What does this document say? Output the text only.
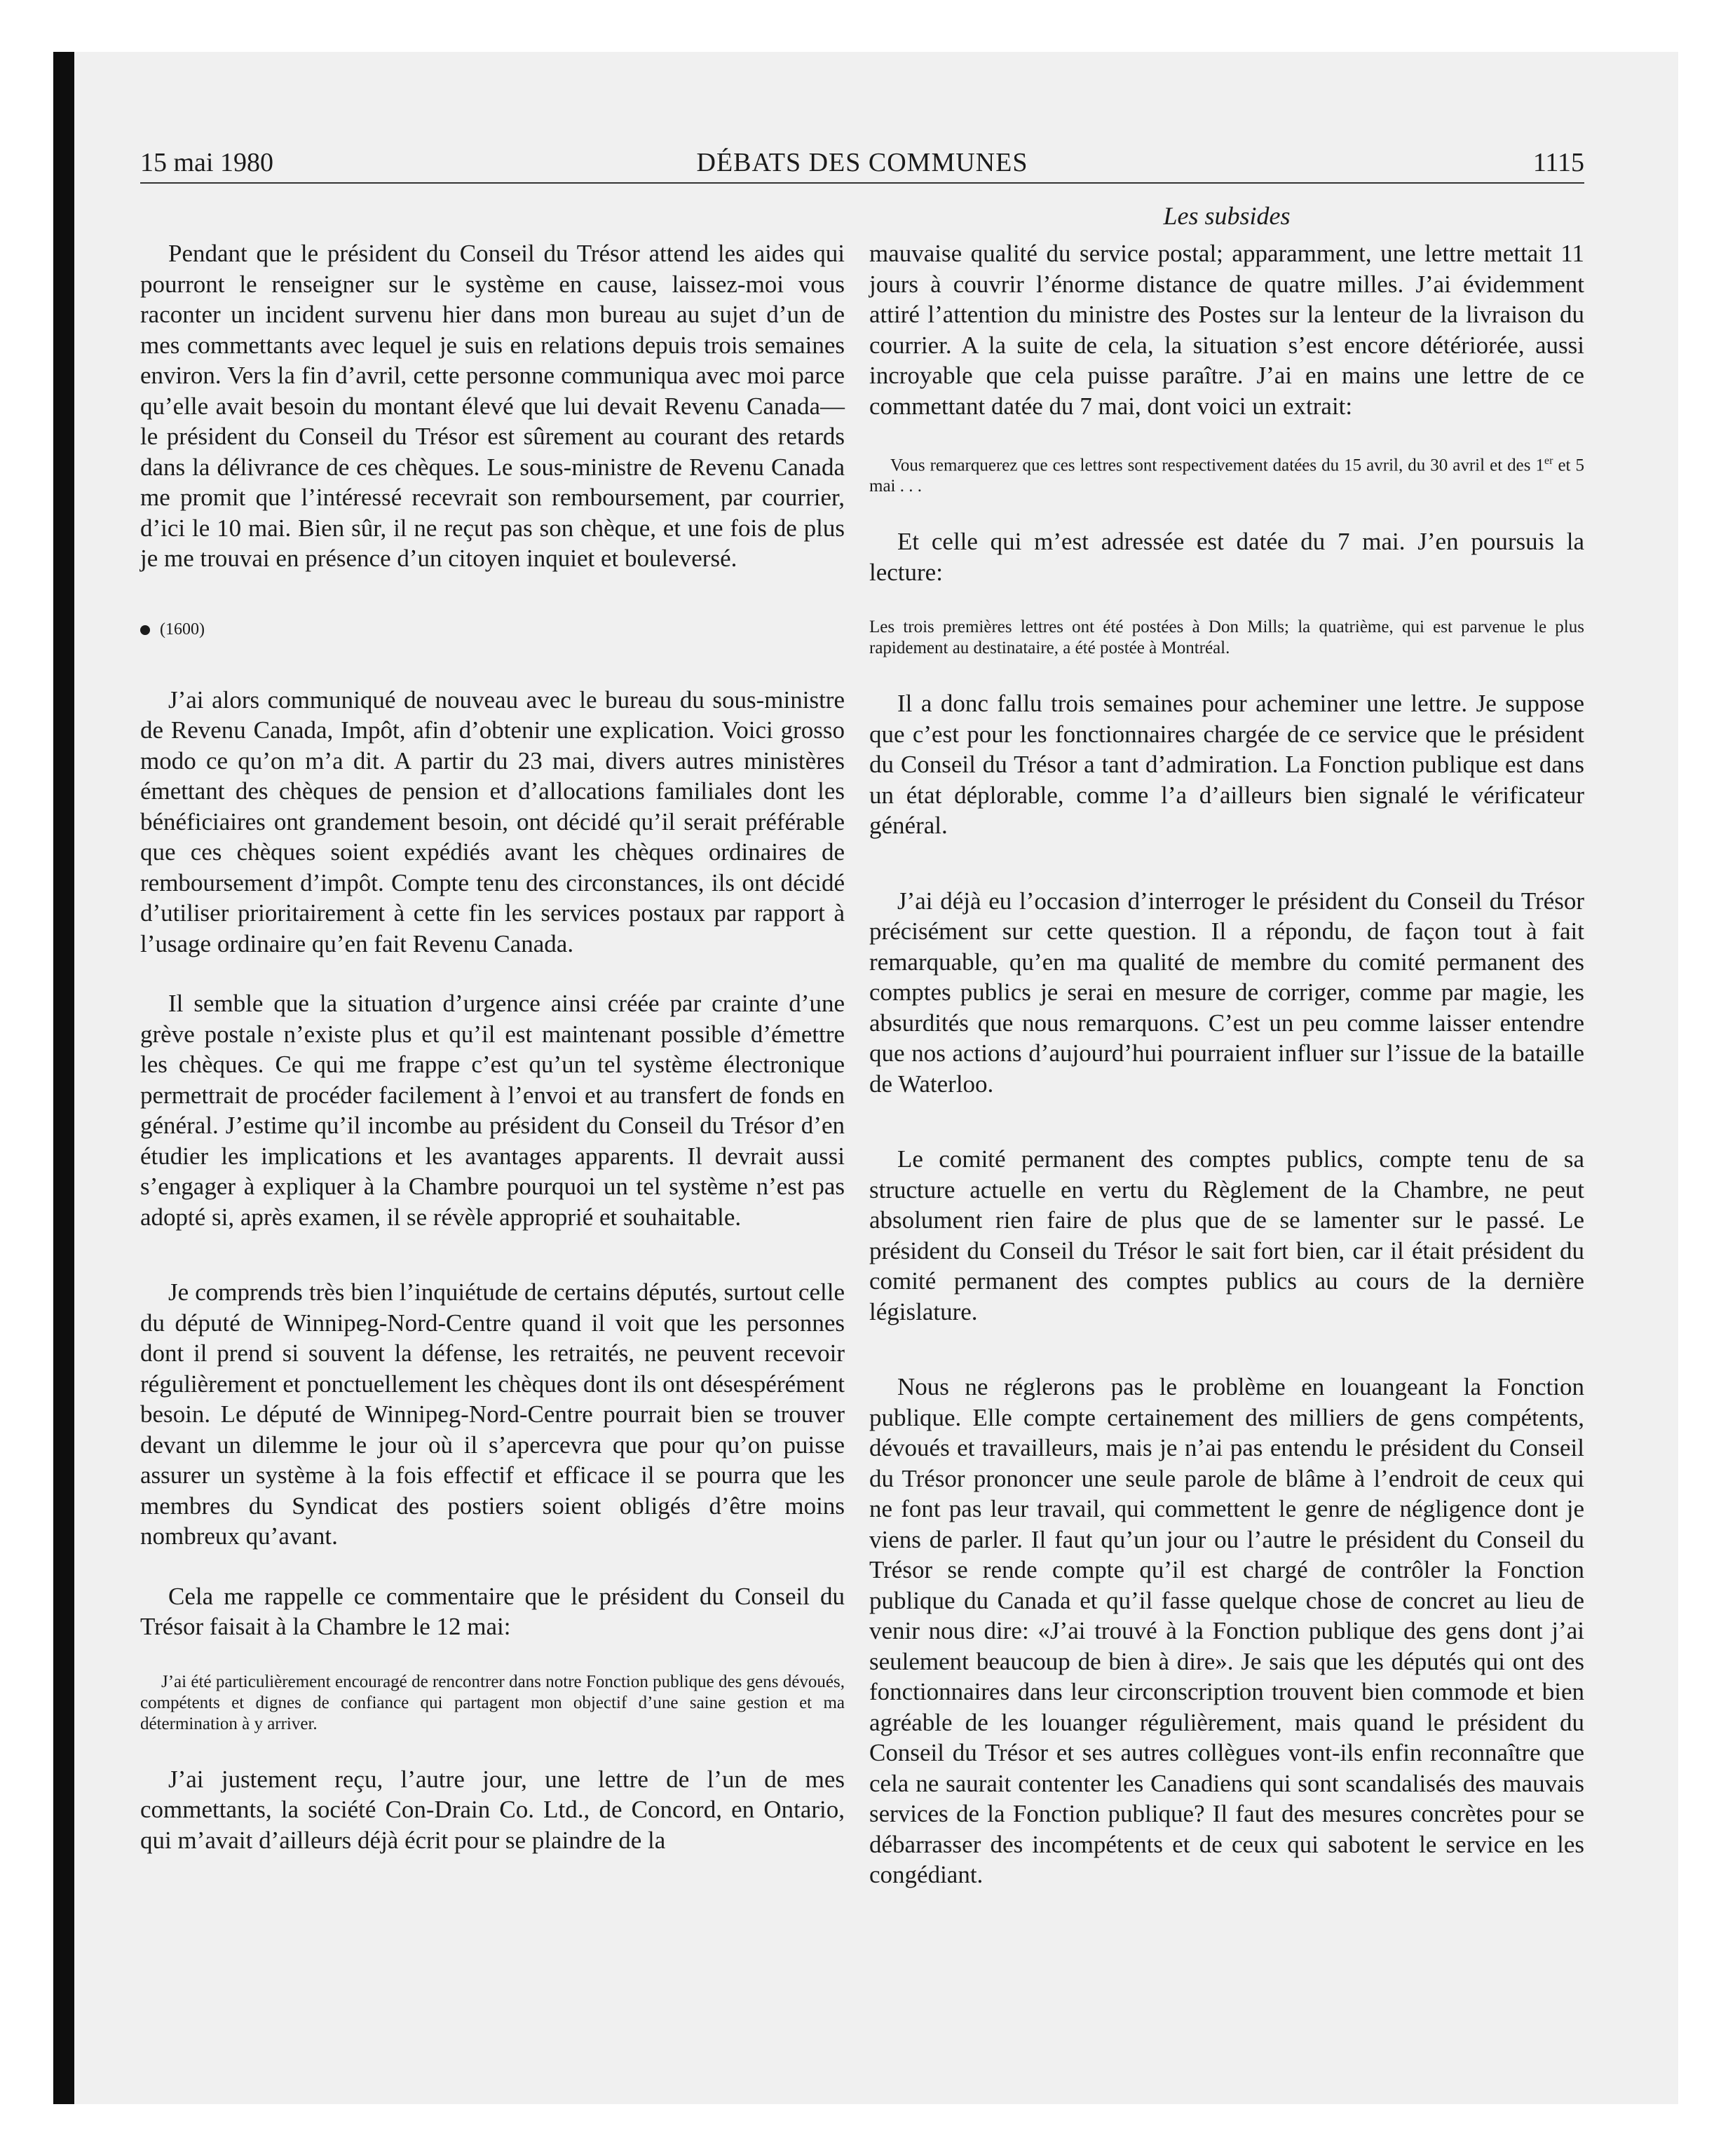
15 mai 1980	DÉBATS DES COMMUNES	1115
Les subsides

Pendant que le président du Conseil du Trésor attend les aides qui pourront le renseigner sur le système en cause, laissez-moi vous raconter un incident survenu hier dans mon bureau au sujet d’un de mes commettants avec lequel je suis en relations depuis trois semaines environ. Vers la fin d’avril, cette personne communiqua avec moi parce qu’elle avait besoin du montant élevé que lui devait Revenu Canada—le président du Conseil du Trésor est sûrement au courant des retards dans la délivrance de ces chèques. Le sous-ministre de Revenu Canada me promit que l’intéressé recevrait son remboursement, par courrier, d’ici le 10 mai. Bien sûr, il ne reçut pas son chèque, et une fois de plus je me trouvai en présence d’un citoyen inquiet et bouleversé.

(1600)

J’ai alors communiqué de nouveau avec le bureau du sous-ministre de Revenu Canada, Impôt, afin d’obtenir une explication. Voici grosso modo ce qu’on m’a dit. A partir du 23 mai, divers autres ministères émettant des chèques de pension et d’allocations familiales dont les bénéficiaires ont grandement besoin, ont décidé qu’il serait préférable que ces chèques soient expédiés avant les chèques ordinaires de remboursement d’impôt. Compte tenu des circonstances, ils ont décidé d’utiliser prioritairement à cette fin les services postaux par rapport à l’usage ordinaire qu’en fait Revenu Canada.

Il semble que la situation d’urgence ainsi créée par crainte d’une grève postale n’existe plus et qu’il est maintenant possible d’émettre les chèques. Ce qui me frappe c’est qu’un tel système électronique permettrait de procéder facilement à l’envoi et au transfert de fonds en général. J’estime qu’il incombe au président du Conseil du Trésor d’en étudier les implications et les avantages apparents. Il devrait aussi s’engager à expliquer à la Chambre pourquoi un tel système n’est pas adopté si, après examen, il se révèle approprié et souhaitable.

Je comprends très bien l’inquiétude de certains députés, surtout celle du député de Winnipeg-Nord-Centre quand il voit que les personnes dont il prend si souvent la défense, les retraités, ne peuvent recevoir régulièrement et ponctuellement les chèques dont ils ont désespérément besoin. Le député de Winnipeg-Nord-Centre pourrait bien se trouver devant un dilemme le jour où il s’apercevra que pour qu’on puisse assurer un système à la fois effectif et efficace il se pourra que les membres du Syndicat des postiers soient obligés d’être moins nombreux qu’avant.

Cela me rappelle ce commentaire que le président du Conseil du Trésor faisait à la Chambre le 12 mai:

J’ai été particulièrement encouragé de rencontrer dans notre Fonction publique des gens dévoués, compétents et dignes de confiance qui partagent mon objectif d’une saine gestion et ma détermination à y arriver.

J’ai justement reçu, l’autre jour, une lettre de l’un de mes commettants, la société Con-Drain Co. Ltd., de Concord, en Ontario, qui m’avait d’ailleurs déjà écrit pour se plaindre de la

mauvaise qualité du service postal; apparamment, une lettre mettait 11 jours à couvrir l’énorme distance de quatre milles. J’ai évidemment attiré l’attention du ministre des Postes sur la lenteur de la livraison du courrier. A la suite de cela, la situation s’est encore détériorée, aussi incroyable que cela puisse paraître. J’ai en mains une lettre de ce commettant datée du 7 mai, dont voici un extrait:

Vous remarquerez que ces lettres sont respectivement datées du 15 avril, du 30 avril et des 1er et 5 mai . . .

Et celle qui m’est adressée est datée du 7 mai. J’en poursuis la lecture:

Les trois premières lettres ont été postées à Don Mills; la quatrième, qui est parvenue le plus rapidement au destinataire, a été postée à Montréal.

Il a donc fallu trois semaines pour acheminer une lettre. Je suppose que c’est pour les fonctionnaires chargée de ce service que le président du Conseil du Trésor a tant d’admiration. La Fonction publique est dans un état déplorable, comme l’a d’ailleurs bien signalé le vérificateur général.

J’ai déjà eu l’occasion d’interroger le président du Conseil du Trésor précisément sur cette question. Il a répondu, de façon tout à fait remarquable, qu’en ma qualité de membre du comité permanent des comptes publics je serai en mesure de corriger, comme par magie, les absurdités que nous remarquons. C’est un peu comme laisser entendre que nos actions d’aujourd’hui pourraient influer sur l’issue de la bataille de Waterloo.

Le comité permanent des comptes publics, compte tenu de sa structure actuelle en vertu du Règlement de la Chambre, ne peut absolument rien faire de plus que de se lamenter sur le passé. Le président du Conseil du Trésor le sait fort bien, car il était président du comité permanent des comptes publics au cours de la dernière législature.

Nous ne réglerons pas le problème en louangeant la Fonction publique. Elle compte certainement des milliers de gens compétents, dévoués et travailleurs, mais je n’ai pas entendu le président du Conseil du Trésor prononcer une seule parole de blâme à l’endroit de ceux qui ne font pas leur travail, qui commettent le genre de négligence dont je viens de parler. Il faut qu’un jour ou l’autre le président du Conseil du Trésor se rende compte qu’il est chargé de contrôler la Fonction publique du Canada et qu’il fasse quelque chose de concret au lieu de venir nous dire: «J’ai trouvé à la Fonction publique des gens dont j’ai seulement beaucoup de bien à dire». Je sais que les députés qui ont des fonctionnaires dans leur circonscription trouvent bien commode et bien agréable de les louanger régulièrement, mais quand le président du Conseil du Trésor et ses autres collègues vont-ils enfin reconnaître que cela ne saurait contenter les Canadiens qui sont scandalisés des mauvais services de la Fonction publique? Il faut des mesures concrètes pour se débarrasser des incompétents et de ceux qui sabotent le service en les congédiant.
